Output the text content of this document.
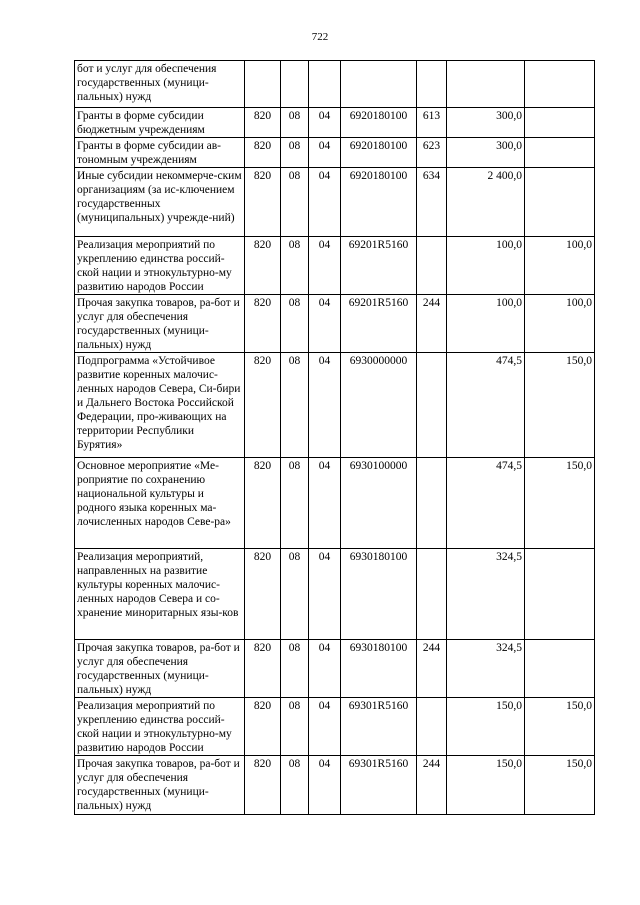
722
бот и услуг для обеспечения государственных (муници-пальных) нужд							
Гранты в форме субсидии бюджетным учреждениям	820	08	04	6920180100	613	300,0	
Гранты в форме субсидии ав-тономным учреждениям	820	08	04	6920180100	623	300,0	
Иные субсидии некоммерче-ским организациям (за ис-ключением государственных (муниципальных) учрежде-ний)	820	08	04	6920180100	634	2 400,0	
Реализация мероприятий по укреплению единства россий-ской нации и этнокультурно-му развитию народов России	820	08	04	69201R5160		100,0	100,0
Прочая закупка товаров, ра-бот и услуг для обеспечения государственных (муници-пальных) нужд	820	08	04	69201R5160	244	100,0	100,0
Подпрограмма «Устойчивое развитие коренных малочис-ленных народов Севера, Си-бири и Дальнего Востока Российской Федерации, про-живающих на территории Республики Бурятия»	820	08	04	6930000000		474,5	150,0
Основное мероприятие «Ме-роприятие по сохранению национальной культуры и родного языка коренных ма-лочисленных народов Севе-ра»	820	08	04	6930100000		474,5	150,0
Реализация мероприятий, направленных на развитие культуры коренных малочис-ленных народов Севера и со-хранение миноритарных язы-ков	820	08	04	6930180100		324,5	
Прочая закупка товаров, ра-бот и услуг для обеспечения государственных (муници-пальных) нужд	820	08	04	6930180100	244	324,5	
Реализация мероприятий по укреплению единства россий-ской нации и этнокультурно-му развитию народов России	820	08	04	69301R5160		150,0	150,0
Прочая закупка товаров, ра-бот и услуг для обеспечения государственных (муници-пальных) нужд	820	08	04	69301R5160	244	150,0	150,0
